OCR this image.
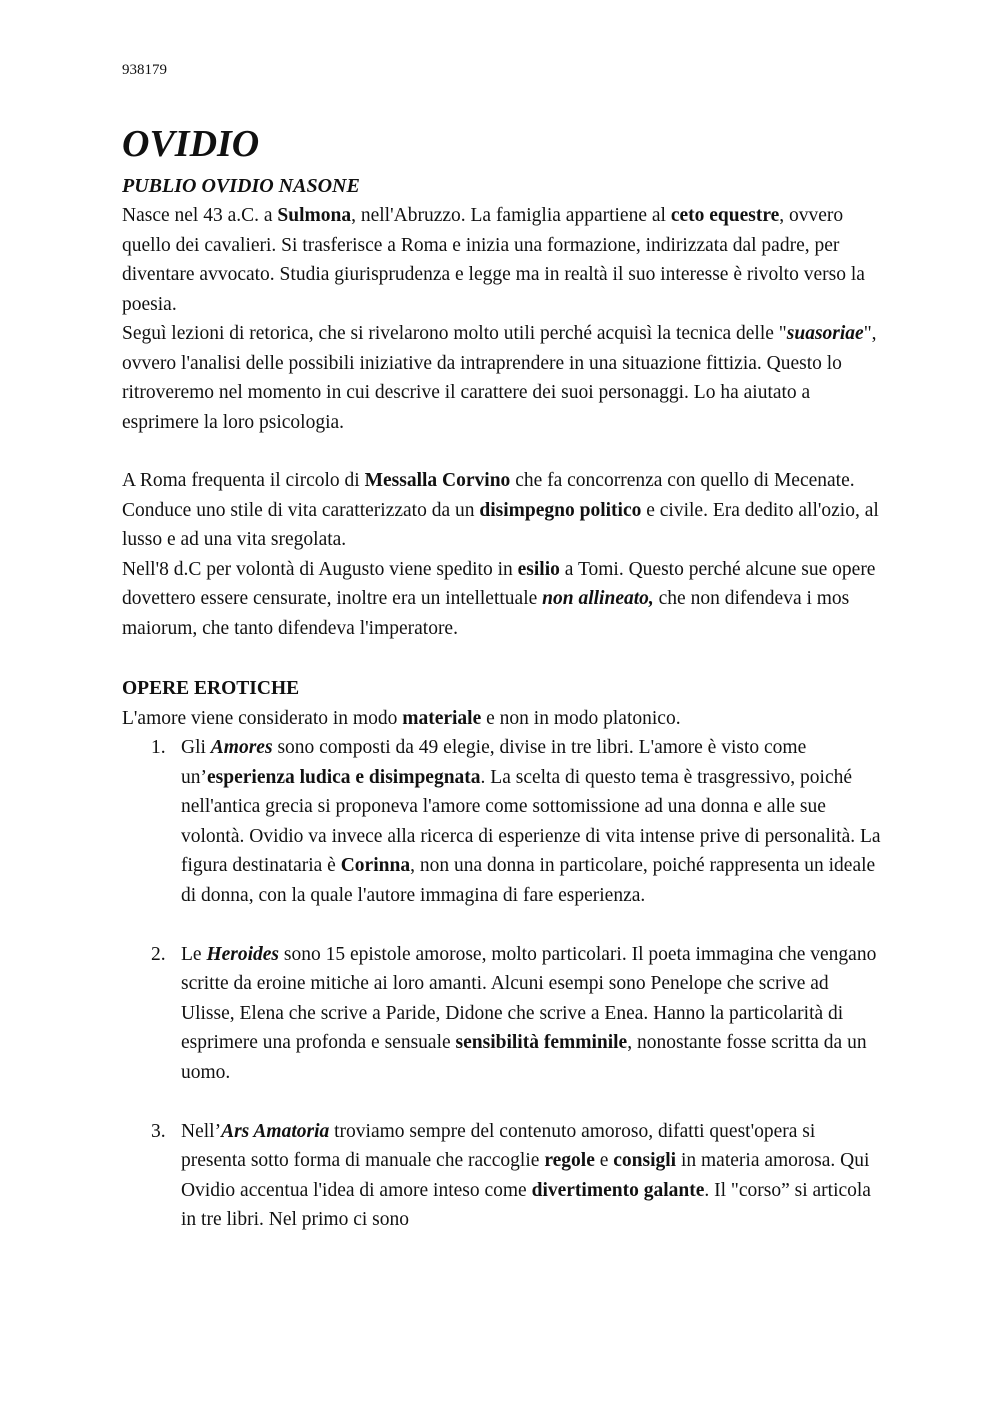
938179
OVIDIO
PUBLIO OVIDIO NASONE

Nasce nel 43 a.C. a Sulmona, nell'Abruzzo. La famiglia appartiene al ceto equestre, ovvero quello dei cavalieri. Si trasferisce a Roma e inizia una formazione, indirizzata dal padre, per diventare avvocato. Studia giurisprudenza e legge ma in realtà il suo interesse è rivolto verso la poesia.

Seguì lezioni di retorica, che si rivelarono molto utili perché acquisì la tecnica delle "suasoriae", ovvero l'analisi delle possibili iniziative da intraprendere in una situazione fittizia. Questo lo ritroveremo nel momento in cui descrive il carattere dei suoi personaggi. Lo ha aiutato a esprimere la loro psicologia.

A Roma frequenta il circolo di Messalla Corvino che fa concorrenza con quello di Mecenate. Conduce uno stile di vita caratterizzato da un disimpegno politico e civile. Era dedito all'ozio, al lusso e ad una vita sregolata.

Nell'8 d.C per volontà di Augusto viene spedito in esilio a Tomi. Questo perché alcune sue opere dovettero essere censurate, inoltre era un intellettuale non allineato, che non difendeva i mos maiorum, che tanto difendeva l'imperatore.

OPERE EROTICHE

L'amore viene considerato in modo materiale e non in modo platonico.

1. Gli Amores sono composti da 49 elegie, divise in tre libri. L'amore è visto come un’esperienza ludica e disimpegnata. La scelta di questo tema è trasgressivo, poiché nell'antica grecia si proponeva l'amore come sottomissione ad una donna e alle sue volontà. Ovidio va invece alla ricerca di esperienze di vita intense prive di personalità. La figura destinataria è Corinna, non una donna in particolare, poiché rappresenta un ideale di donna, con la quale l'autore immagina di fare esperienza.
2. Le Heroides sono 15 epistole amorose, molto particolari. Il poeta immagina che vengano scritte da eroine mitiche ai loro amanti. Alcuni esempi sono Penelope che scrive ad Ulisse, Elena che scrive a Paride, Didone che scrive a Enea. Hanno la particolarità di esprimere una profonda e sensuale sensibilità femminile, nonostante fosse scritta da un uomo.
3. Nell’Ars Amatoria troviamo sempre del contenuto amoroso, difatti quest'opera si presenta sotto forma di manuale che raccoglie regole e consigli in materia amorosa. Qui Ovidio accentua l'idea di amore inteso come divertimento galante. Il "corso” si articola in tre libri. Nel primo ci sono
